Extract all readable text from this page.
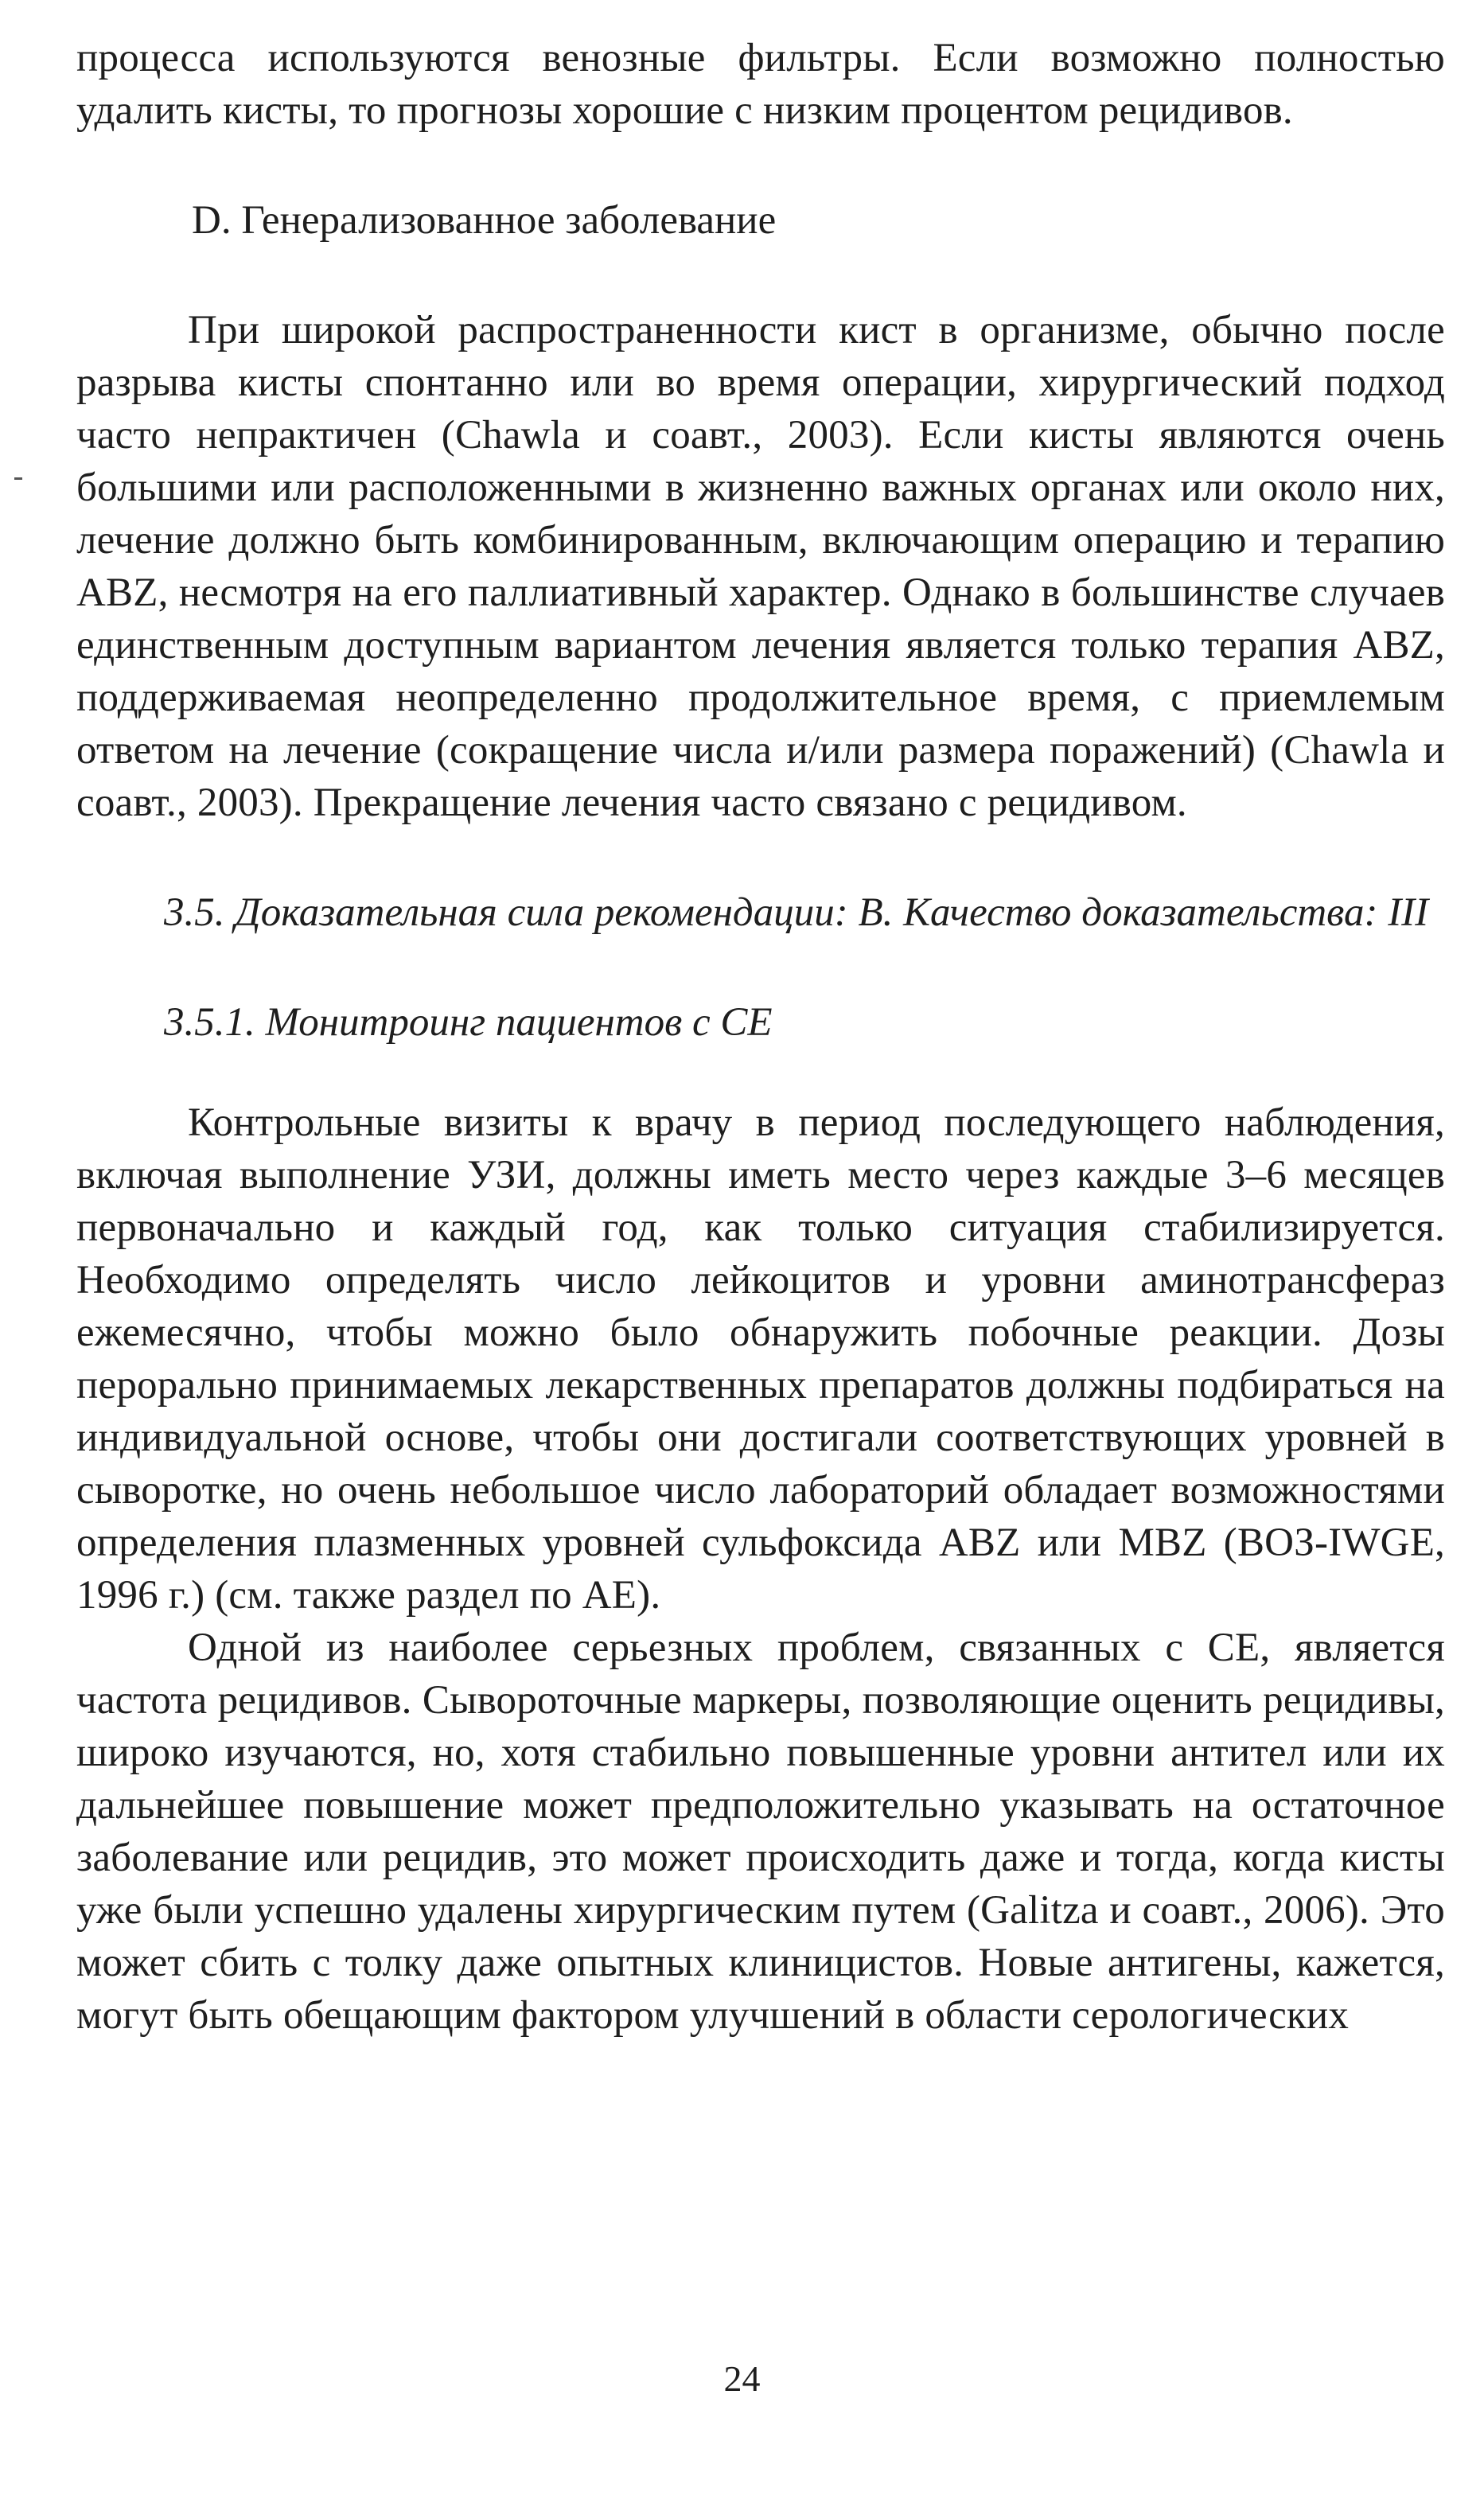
процесса используются венозные фильтры. Если возможно полностью удалить кисты, то прогнозы хорошие с низким процентом рецидивов.

D. Генерализованное заболевание

При широкой распространенности кист в организме, обычно после разрыва кисты спонтанно или во время операции, хирургический подход часто непрактичен (Chawla и соавт., 2003). Если кисты являются очень большими или расположенными в жизненно важных органах или около них, лечение должно быть комбинированным, включающим операцию и терапию ABZ, несмотря на его паллиативный характер. Однако в большинстве случаев единственным доступным вариантом лечения является только терапия ABZ, поддерживаемая неопределенно продолжительное время, с приемлемым ответом на лечение (сокращение числа и/или размера поражений) (Chawla и соавт., 2003). Прекращение лечения часто связано с рецидивом.

3.5. Доказательная сила рекомендации: В. Качество доказательства: III

3.5.1. Монитроинг пациентов с CE

Контрольные визиты к врачу в период последующего наблюдения, включая выполнение УЗИ, должны иметь место через каждые 3–6 месяцев первоначально и каждый год, как только ситуация стабилизируется. Необходимо определять число лейкоцитов и уровни аминотрансфераз ежемесячно, чтобы можно было обнаружить побочные реакции. Дозы перорально принимаемых лекарственных препаратов должны подбираться на индивидуальной основе, чтобы они достигали соответствующих уровней в сыворотке, но очень небольшое число лабораторий обладает возможностями определения плазменных уровней сульфоксида ABZ или MBZ (ВОЗ-IWGE, 1996 г.) (см. также раздел по AE).

Одной из наиболее серьезных проблем, связанных с CE, является частота рецидивов. Сывороточные маркеры, позволяющие оценить рецидивы, широко изучаются, но, хотя стабильно повышенные уровни антител или их дальнейшее повышение может предположительно указывать на остаточное заболевание или рецидив, это может происходить даже и тогда, когда кисты уже были успешно удалены хирургическим путем (Galitza и соавт., 2006). Это может сбить с толку даже опытных клиницистов. Новые антигены, кажется, могут быть обещающим фактором улучшений в области серологических

24
